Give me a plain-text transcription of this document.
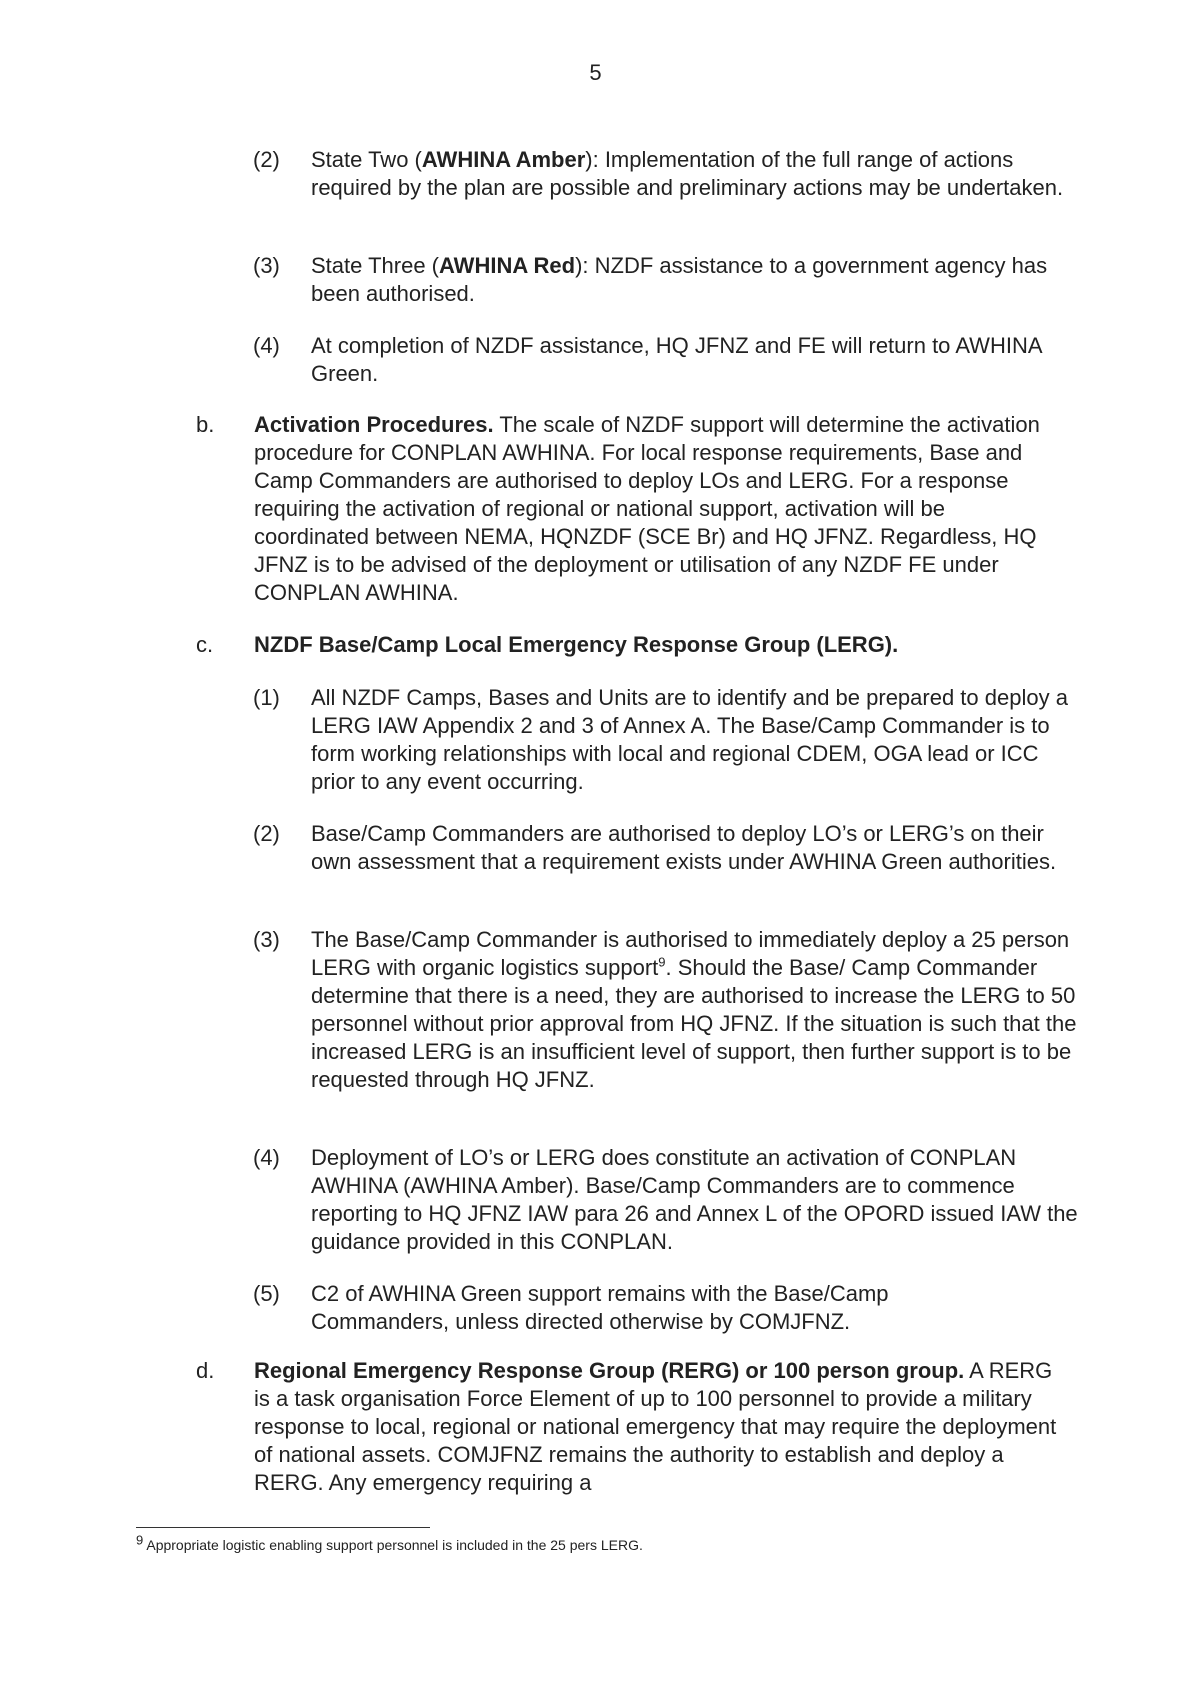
5
(2) State Two (AWHINA Amber): Implementation of the full range of actions required by the plan are possible and preliminary actions may be undertaken.

(3) State Three (AWHINA Red): NZDF assistance to a government agency has been authorised.

(4) At completion of NZDF assistance, HQ JFNZ and FE will return to AWHINA Green.

b. Activation Procedures. The scale of NZDF support will determine the activation procedure for CONPLAN AWHINA. For local response requirements, Base and Camp Commanders are authorised to deploy LOs and LERG. For a response requiring the activation of regional or national support, activation will be coordinated between NEMA, HQNZDF (SCE Br) and HQ JFNZ. Regardless, HQ JFNZ is to be advised of the deployment or utilisation of any NZDF FE under CONPLAN AWHINA.

c. NZDF Base/Camp Local Emergency Response Group (LERG).

(1) All NZDF Camps, Bases and Units are to identify and be prepared to deploy a LERG IAW Appendix 2 and 3 of Annex A. The Base/Camp Commander is to form working relationships with local and regional CDEM, OGA lead or ICC prior to any event occurring.

(2) Base/Camp Commanders are authorised to deploy LO’s or LERG’s on their own assessment that a requirement exists under AWHINA Green authorities.

(3) The Base/Camp Commander is authorised to immediately deploy a 25 person LERG with organic logistics support$^9$. Should the Base/ Camp Commander determine that there is a need, they are authorised to increase the LERG to 50 personnel without prior approval from HQ JFNZ. If the situation is such that the increased LERG is an insufficient level of support, then further support is to be requested through HQ JFNZ.

(4) Deployment of LO’s or LERG does constitute an activation of CONPLAN AWHINA (AWHINA Amber). Base/Camp Commanders are to commence reporting to HQ JFNZ IAW para 26 and Annex L of the OPORD issued IAW the guidance provided in this CONPLAN.

(5) C2 of AWHINA Green support remains with the Base/Camp Commanders, unless directed otherwise by COMJFNZ.

d. Regional Emergency Response Group (RERG) or 100 person group. A RERG is a task organisation Force Element of up to 100 personnel to provide a military response to local, regional or national emergency that may require the deployment of national assets. COMJFNZ remains the authority to establish and deploy a RERG. Any emergency requiring a

$^9$ Appropriate logistic enabling support personnel is included in the 25 pers LERG.
